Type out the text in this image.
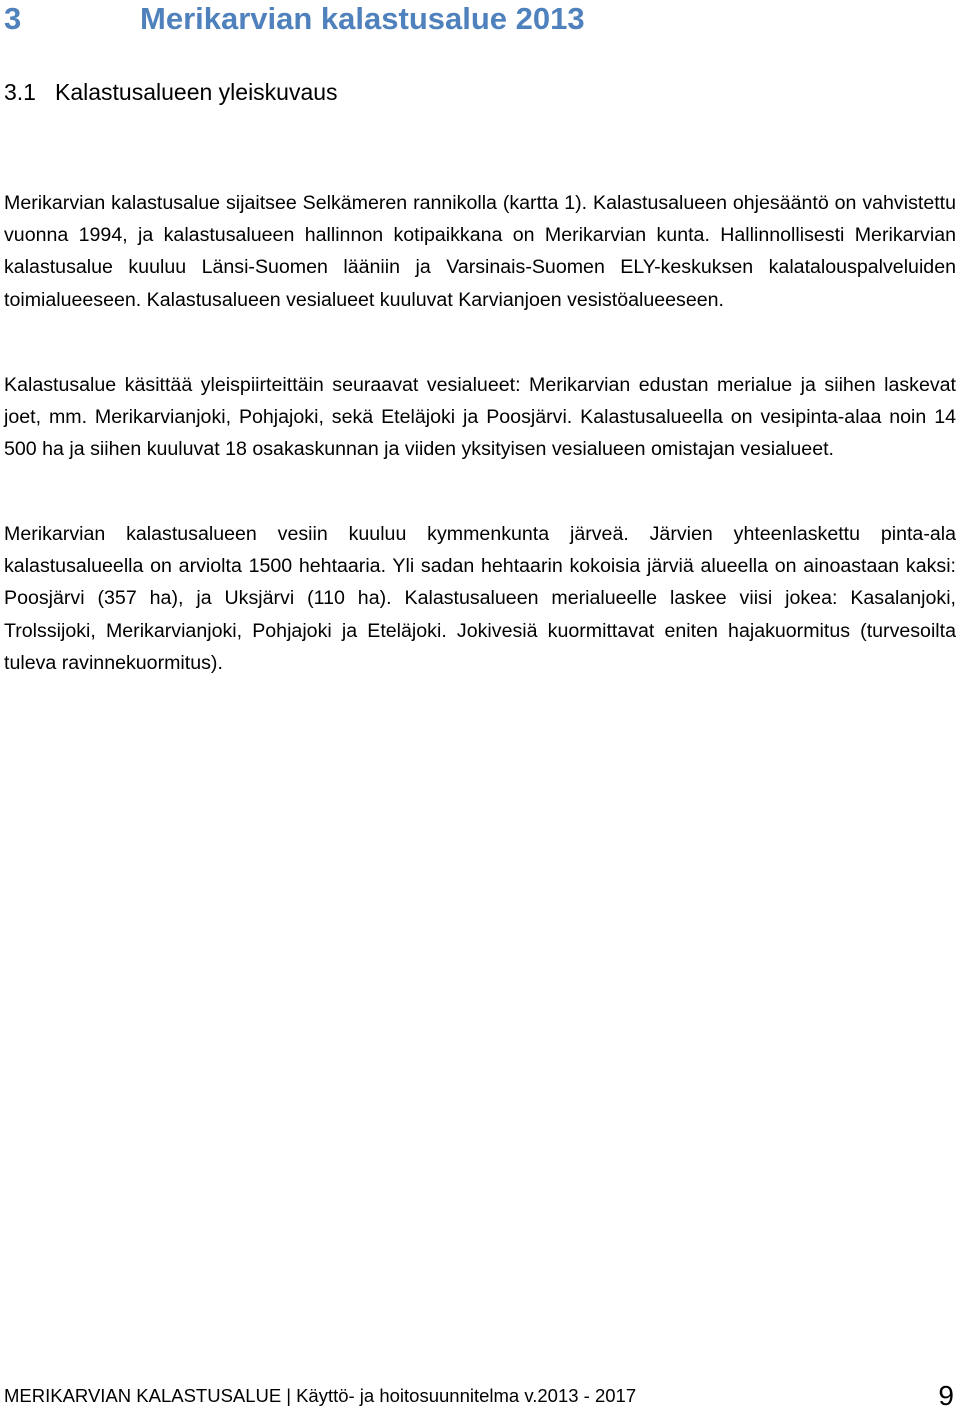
3	Merikarvian kalastusalue 2013
3.1 Kalastusalueen yleiskuvaus

Merikarvian kalastusalue sijaitsee Selkämeren rannikolla (kartta 1). Kalastusalueen ohjesääntö on vahvistettu vuonna 1994, ja kalastusalueen hallinnon kotipaikkana on Merikarvian kunta. Hallinnollisesti Merikarvian kalastusalue kuuluu Länsi-Suomen lääniin ja Varsinais-Suomen ELY-keskuksen kalatalouspalveluiden toimialueeseen. Kalastusalueen vesialueet kuuluvat Karvianjoen vesistöalueeseen.

Kalastusalue käsittää yleispiirteittäin seuraavat vesialueet: Merikarvian edustan merialue ja siihen laskevat joet, mm. Merikarvianjoki, Pohjajoki, sekä Eteläjoki ja Poosjärvi. Kalastusalueella on vesipinta-alaa noin 14 500 ha ja siihen kuuluvat 18 osakaskunnan ja viiden yksityisen vesialueen omistajan vesialueet.

Merikarvian kalastusalueen vesiin kuuluu kymmenkunta järveä. Järvien yhteenlaskettu pinta-ala kalastusalueella on arviolta 1500 hehtaaria. Yli sadan hehtaarin kokoisia järviä alueella on ainoastaan kaksi: Poosjärvi (357 ha), ja Uksjärvi (110 ha). Kalastusalueen merialueelle laskee viisi jokea: Kasalanjoki, Trolssijoki, Merikarvianjoki, Pohjajoki ja Eteläjoki. Jokivesiä kuormittavat eniten hajakuormitus (turvesoilta tuleva ravinnekuormitus).

MERIKARVIAN KALASTUSALUE | Käyttö- ja hoitosuunnitelma v.2013 - 2017	9
